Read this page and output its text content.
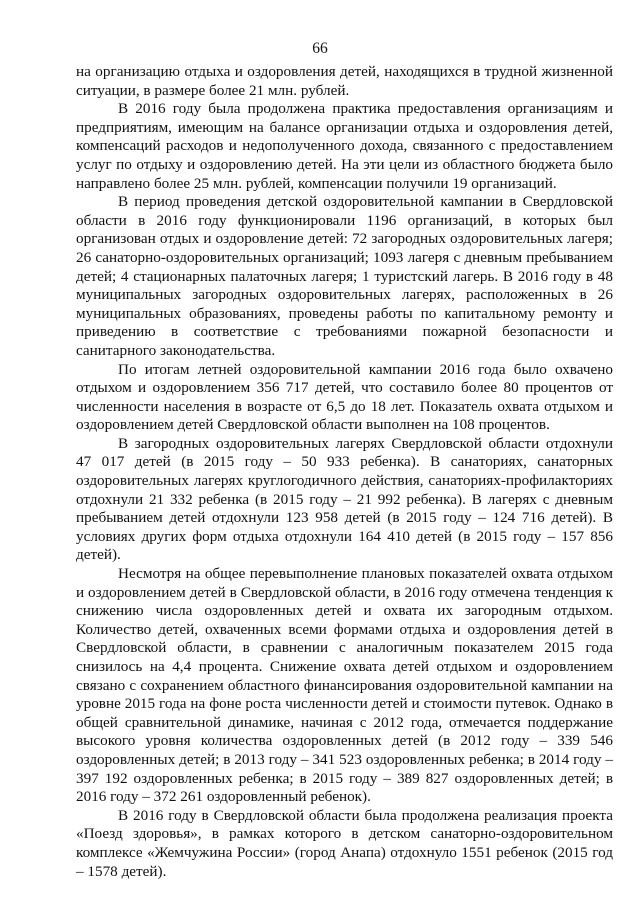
66

на организацию отдыха и оздоровления детей, находящихся в трудной жизненной ситуации, в размере более 21 млн. рублей.

В 2016 году была продолжена практика предоставления организациям и предприятиям, имеющим на балансе организации отдыха и оздоровления детей, компенсаций расходов и недополученного дохода, связанного с предоставлением услуг по отдыху и оздоровлению детей. На эти цели из областного бюджета было направлено более 25 млн. рублей, компенсации получили 19 организаций.

В период проведения детской оздоровительной кампании в Свердловской области в 2016 году функционировали 1196 организаций, в которых был организован отдых и оздоровление детей: 72 загородных оздоровительных лагеря; 26 санаторно-оздоровительных организаций; 1093 лагеря с дневным пребыванием детей; 4 стационарных палаточных лагеря; 1 туристский лагерь. В 2016 году в 48 муниципальных загородных оздоровительных лагерях, расположенных в 26 муниципальных образованиях, проведены работы по капитальному ремонту и приведению в соответствие с требованиями пожарной безопасности и санитарного законодательства.

По итогам летней оздоровительной кампании 2016 года было охвачено отдыхом и оздоровлением 356 717 детей, что составило более 80 процентов от численности населения в возрасте от 6,5 до 18 лет. Показатель охвата отдыхом и оздоровлением детей Свердловской области выполнен на 108 процентов.

В загородных оздоровительных лагерях Свердловской области отдохнули 47 017 детей (в 2015 году – 50 933 ребенка). В санаториях, санаторных оздоровительных лагерях круглогодичного действия, санаториях-профилакториях отдохнули 21 332 ребенка (в 2015 году – 21 992 ребенка). В лагерях с дневным пребыванием детей отдохнули 123 958 детей (в 2015 году – 124 716 детей). В условиях других форм отдыха отдохнули 164 410 детей (в 2015 году – 157 856 детей).

Несмотря на общее перевыполнение плановых показателей охвата отдыхом и оздоровлением детей в Свердловской области, в 2016 году отмечена тенденция к снижению числа оздоровленных детей и охвата их загородным отдыхом. Количество детей, охваченных всеми формами отдыха и оздоровления детей в Свердловской области, в сравнении с аналогичным показателем 2015 года снизилось на 4,4 процента. Снижение охвата детей отдыхом и оздоровлением связано с сохранением областного финансирования оздоровительной кампании на уровне 2015 года на фоне роста численности детей и стоимости путевок. Однако в общей сравнительной динамике, начиная с 2012 года, отмечается поддержание высокого уровня количества оздоровленных детей (в 2012 году – 339 546 оздоровленных детей; в 2013 году – 341 523 оздоровленных ребенка; в 2014 году – 397 192 оздоровленных ребенка; в 2015 году – 389 827 оздоровленных детей; в 2016 году – 372 261 оздоровленный ребенок).

В 2016 году в Свердловской области была продолжена реализация проекта «Поезд здоровья», в рамках которого в детском санаторно-оздоровительном комплексе «Жемчужина России» (город Анапа) отдохнуло 1551 ребенок (2015 год – 1578 детей).
